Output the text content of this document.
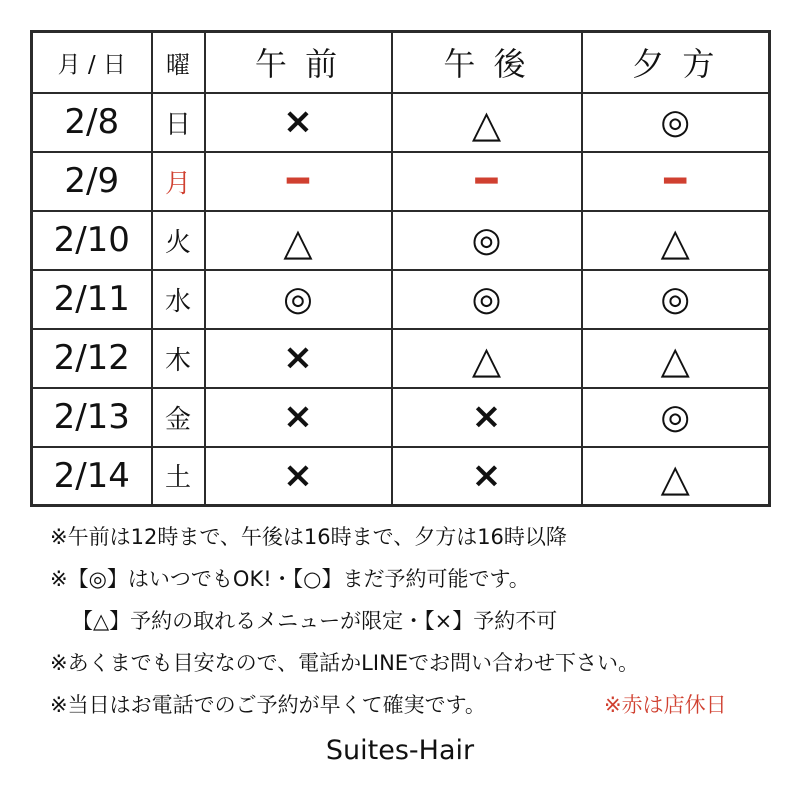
月 / 日	曜	午 前	午 後	夕 方
2/8	日	×	△	◎
2/9	月	−	−	−
2/10	火	△	◎	△
2/11	水	◎	◎	◎
2/12	木	×	△	△
2/13	金	×	×	◎
2/14	土	×	×	△
※午前は12時まで、午後は16時まで、夕方は16時以降
※【◎】はいつでもOK!・【○】まだ予約可能です。
【△】予約の取れるメニューが限定・【×】予約不可
※あくまでも目安なので、電話かLINEでお問い合わせ下さい。
※当日はお電話でのご予約が早くて確実です。	※赤は店休日
Suites-Hair
